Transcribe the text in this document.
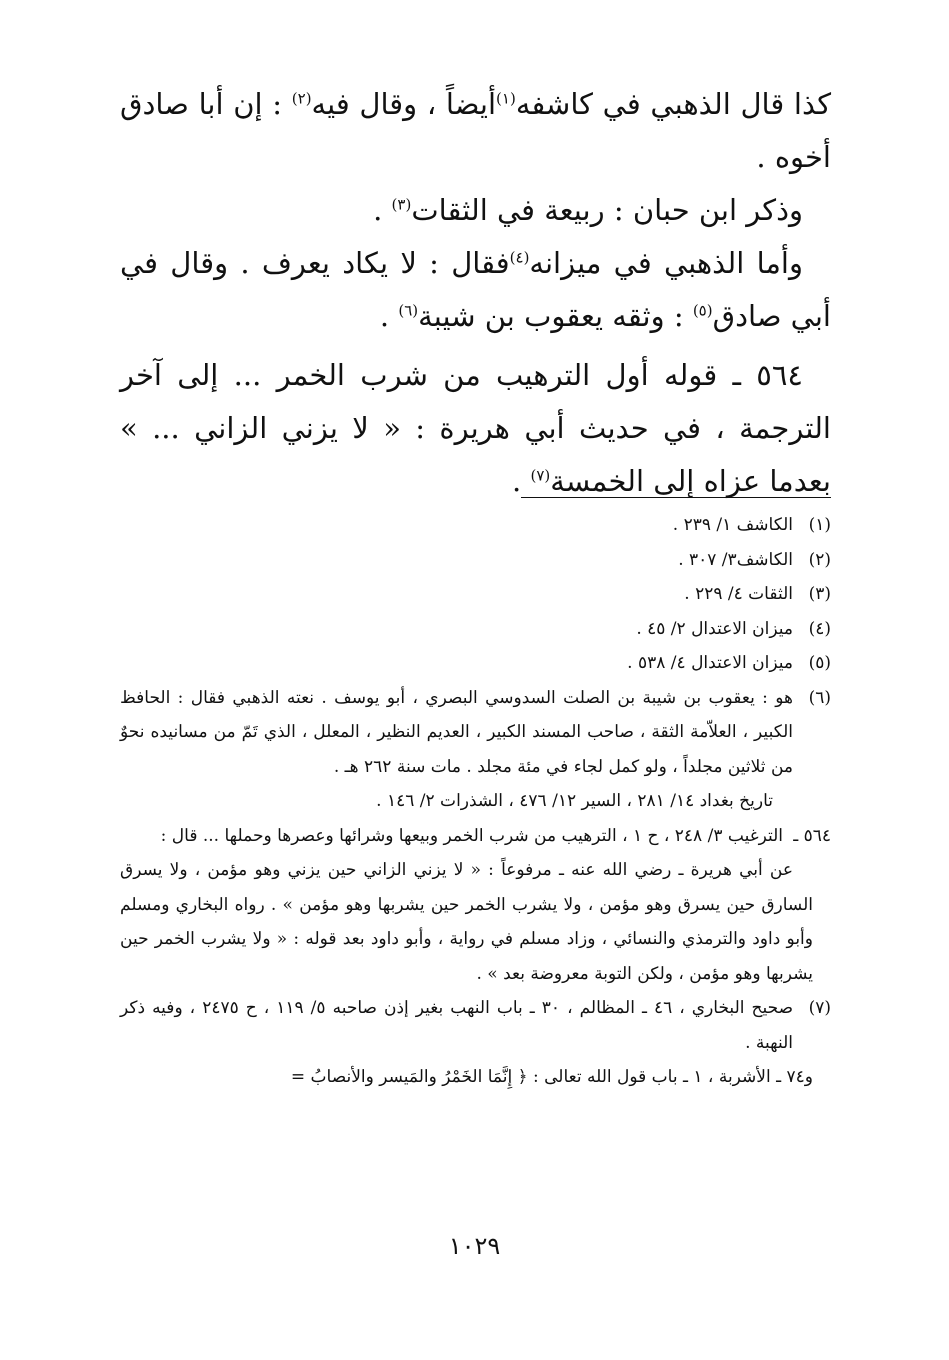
كذا قال الذهبي في كاشفه$^{(١)}$أيضاً ، وقال فيه$^{(٢)}$ : إن أبا صادق أخوه .

وذكر ابن حبان : ربيعة في الثقات$^{(٣)}$ .

وأما الذهبي في ميزانه$^{(٤)}$فقال : لا يكاد يعرف . وقال في أبي صادق$^{(٥)}$ : وثقه يعقوب بن شيبة$^{(٦)}$ .

٥٦٤ ـ قوله أول الترهيب من شرب الخمر ... إلى آخر الترجمة ، في حديث أبي هريرة : « لا يزني الزاني ... » بعدما عزاه إلى الخمسة$^{(٧)}$ .

(١)

الكاشف ١/ ٢٣٩ .

(٢)

الكاشف٣/ ٣٠٧ .

(٣)

الثقات ٤/ ٢٢٩ .

(٤)

ميزان الاعتدال ٢/ ٤٥ .

(٥)

ميزان الاعتدال ٤/ ٥٣٨ .

(٦)

هو : يعقوب بن شيبة بن الصلت السدوسي البصري ، أبو يوسف . نعته الذهبي فقال : الحافظ الكبير ، العلاّمة الثقة ، صاحب المسند الكبير ، العديم النظير ، المعلل ، الذي تَمّ من مسانيده نحوٌ من ثلاثين مجلداً ، ولو كمل لجاء في مئة مجلد . مات سنة ٢٦٢ هـ .

تاريخ بغداد ١٤/ ٢٨١ ، السير ١٢/ ٤٧٦ ، الشذرات ٢/ ١٤٦ .

٥٦٤ ـ

الترغيب ٣/ ٢٤٨ ، ح ١ ، الترهيب من شرب الخمر وبيعها وشرائها وعصرها وحملها ... قال :

عن أبي هريرة ـ رضي الله عنه ـ مرفوعاً : « لا يزني الزاني حين يزني وهو مؤمن ، ولا يسرق السارق حين يسرق وهو مؤمن ، ولا يشرب الخمر حين يشربها وهو مؤمن » . رواه البخاري ومسلم وأبو داود والترمذي والنسائي ، وزاد مسلم في رواية ، وأبو داود بعد قوله : « ولا يشرب الخمر حين يشربها وهو مؤمن ، ولكن التوبة معروضة بعد » .

(٧)

صحيح البخاري ، ٤٦ ـ المظالم ، ٣٠ ـ باب النهب بغير إذن صاحبه ٥/ ١١٩ ، ح ٢٤٧٥ ، وفيه ذكر النهبة .

و٧٤ ـ الأشربة ، ١ ـ باب قول الله تعالى : ﴿ إِنَّمَا الخَمْرُ والمَيسر والأنصابُ =

١٠٢٩
